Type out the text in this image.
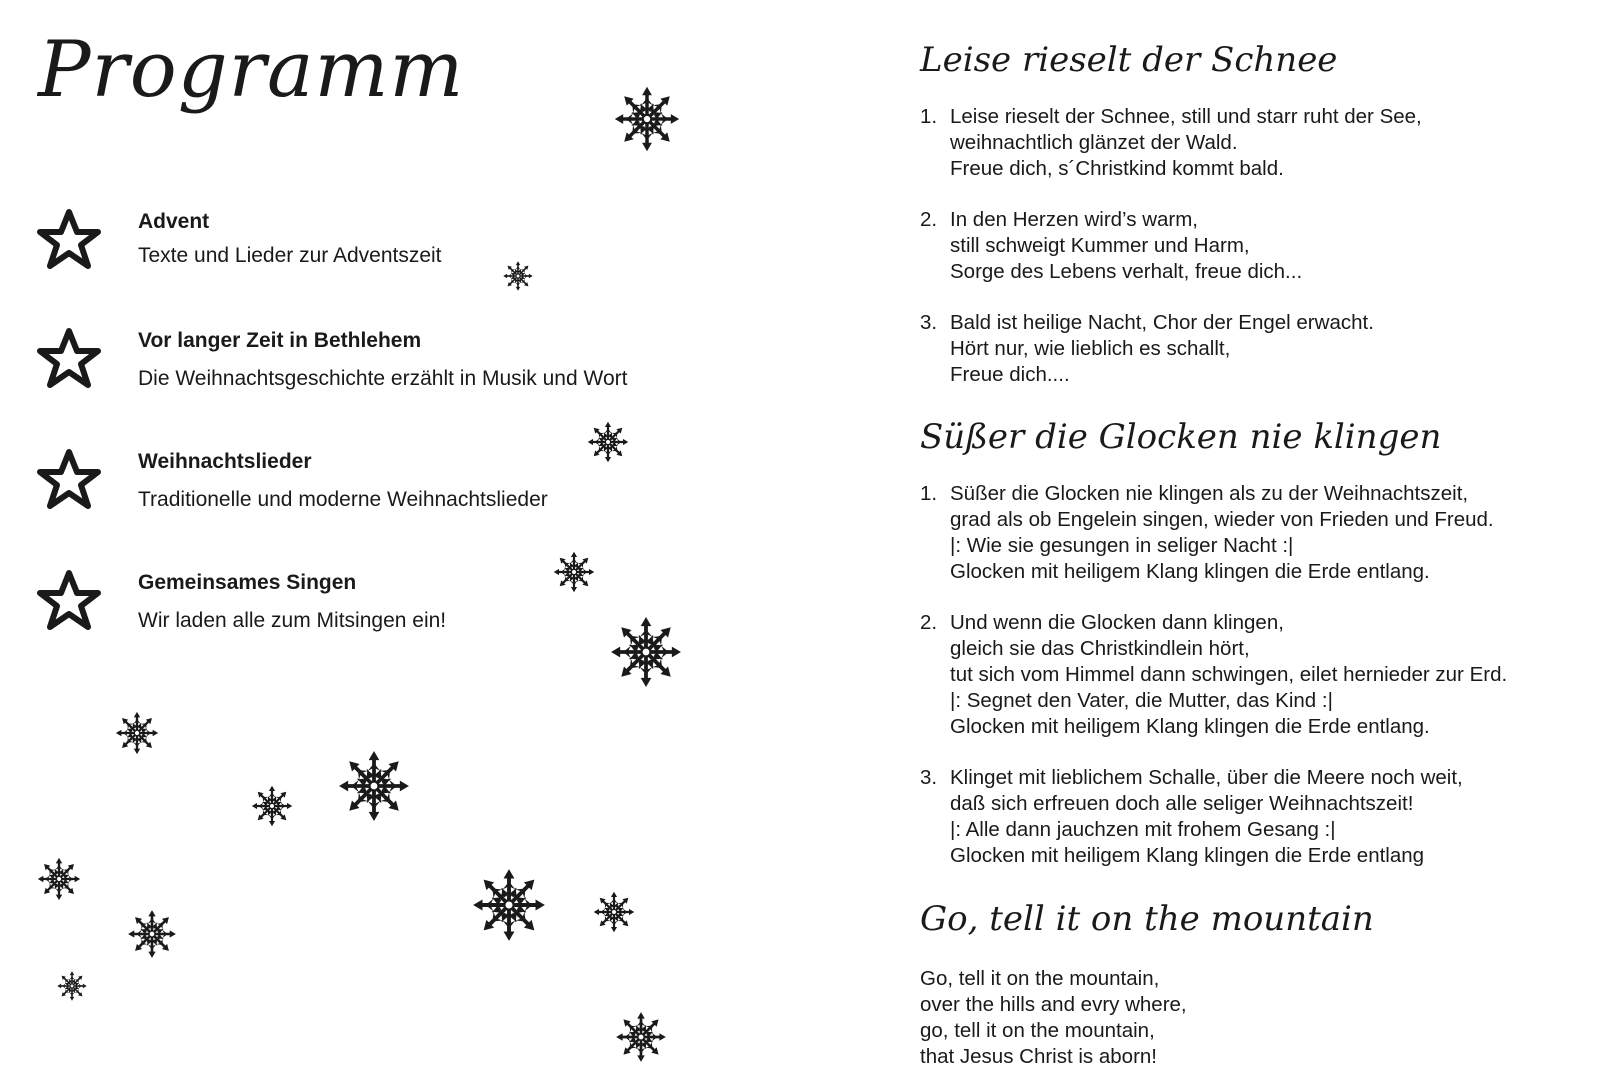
Programm
Advent
Texte und Lieder zur Adventszeit
Vor langer Zeit in Bethlehem
Die Weihnachtsgeschichte erzählt in Musik und Wort
Weihnachtslieder
Traditionelle und moderne Weihnachtslieder
Gemeinsames Singen
Wir laden alle zum Mitsingen ein!
Leise rieselt der Schnee
1. Leise rieselt der Schnee, still und starr ruht der See,
weihnachtlich glänzet der Wald.
Freue dich, s´Christkind kommt bald.
2. In den Herzen wird’s warm,
still schweigt Kummer und Harm,
Sorge des Lebens verhalt, freue dich...
3. Bald ist heilige Nacht, Chor der Engel erwacht.
Hört nur, wie lieblich es schallt,
Freue dich....
Süßer die Glocken nie klingen
1. Süßer die Glocken nie klingen als zu der Weihnachtszeit,
grad als ob Engelein singen, wieder von Frieden und Freud.
|: Wie sie gesungen in seliger Nacht :|
Glocken mit heiligem Klang klingen die Erde entlang.
2. Und wenn die Glocken dann klingen,
gleich sie das Christkindlein hört,
tut sich vom Himmel dann schwingen, eilet hernieder zur Erd.
|: Segnet den Vater, die Mutter, das Kind :|
Glocken mit heiligem Klang klingen die Erde entlang.
3. Klinget mit lieblichem Schalle, über die Meere noch weit,
daß sich erfreuen doch alle seliger Weihnachtszeit!
|: Alle dann jauchzen mit frohem Gesang :|
Glocken mit heiligem Klang klingen die Erde entlang
Go, tell it on the mountain
Go, tell it on the mountain,
over the hills and evry where,
go, tell it on the mountain,
that Jesus Christ is aborn!
